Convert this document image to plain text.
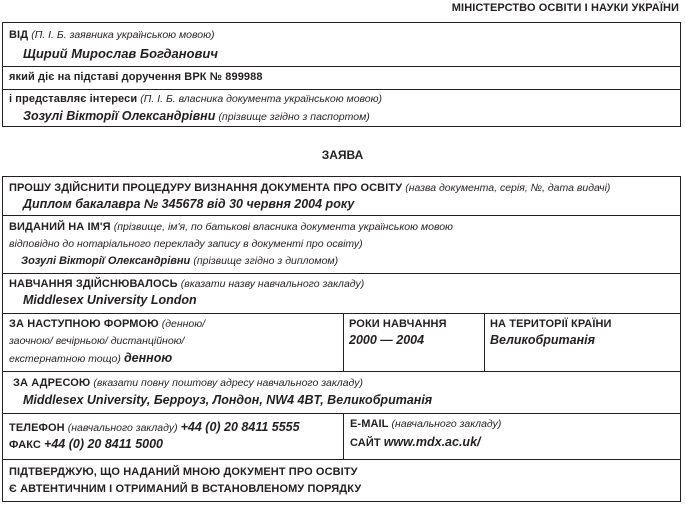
МІНІСТЕРСТВО ОСВІТИ І НАУКИ УКРАЇНИ
ВІД (П. І. Б. заявника українською мовою)
Щирий Мирослав Богданович
який діє на підставі доручення ВРК № 899988
і представляє інтереси (П. І. Б. власника документа українською мовою)
Зозулі Вікторії Олександрівни (прізвище згідно з паспортом)
ЗАЯВА
ПРОШУ ЗДІЙСНИТИ ПРОЦЕДУРУ ВИЗНАННЯ ДОКУМЕНТА ПРО ОСВІТУ (назва документа, серія, №, дата видачі)
Диплом бакалавра № 345678 від 30 червня 2004 року
ВИДАНИЙ НА ІМ'Я (прізвище, ім'я, по батькові власника документа українською мовою
відповідно до нотаріального перекладу запису в документі про освіту)
Зозулі Вікторії Олександрівни (прізвище згідно з дипломом)
НАВЧАННЯ ЗДІЙСНЮВАЛОСЬ (вказати назву навчального закладу)
Middlesex University London
ЗА НАСТУПНОЮ ФОРМОЮ (денною/
заочною/ вечірньою/ дистанційною/
екстернатною тощо) денною
РОКИ НАВЧАННЯ
2000 — 2004
НА ТЕРИТОРІЇ КРАЇНИ
Великобританія
ЗА АДРЕСОЮ (вказати повну поштову адресу навчального закладу)
Middlesex University, Берроуз, Лондон, NW4 4BT, Великобританія
ТЕЛЕФОН (навчального закладу) +44 (0) 20 8411 5555
ФАКС +44 (0) 20 8411 5000
E-MAIL (навчального закладу)
САЙТ www.mdx.ac.uk/
ПІДТВЕРДЖУЮ, ЩО НАДАНИЙ МНОЮ ДОКУМЕНТ ПРО ОСВІТУ
Є АВТЕНТИЧНИМ І ОТРИМАНИЙ В ВСТАНОВЛЕНОМУ ПОРЯДКУ
